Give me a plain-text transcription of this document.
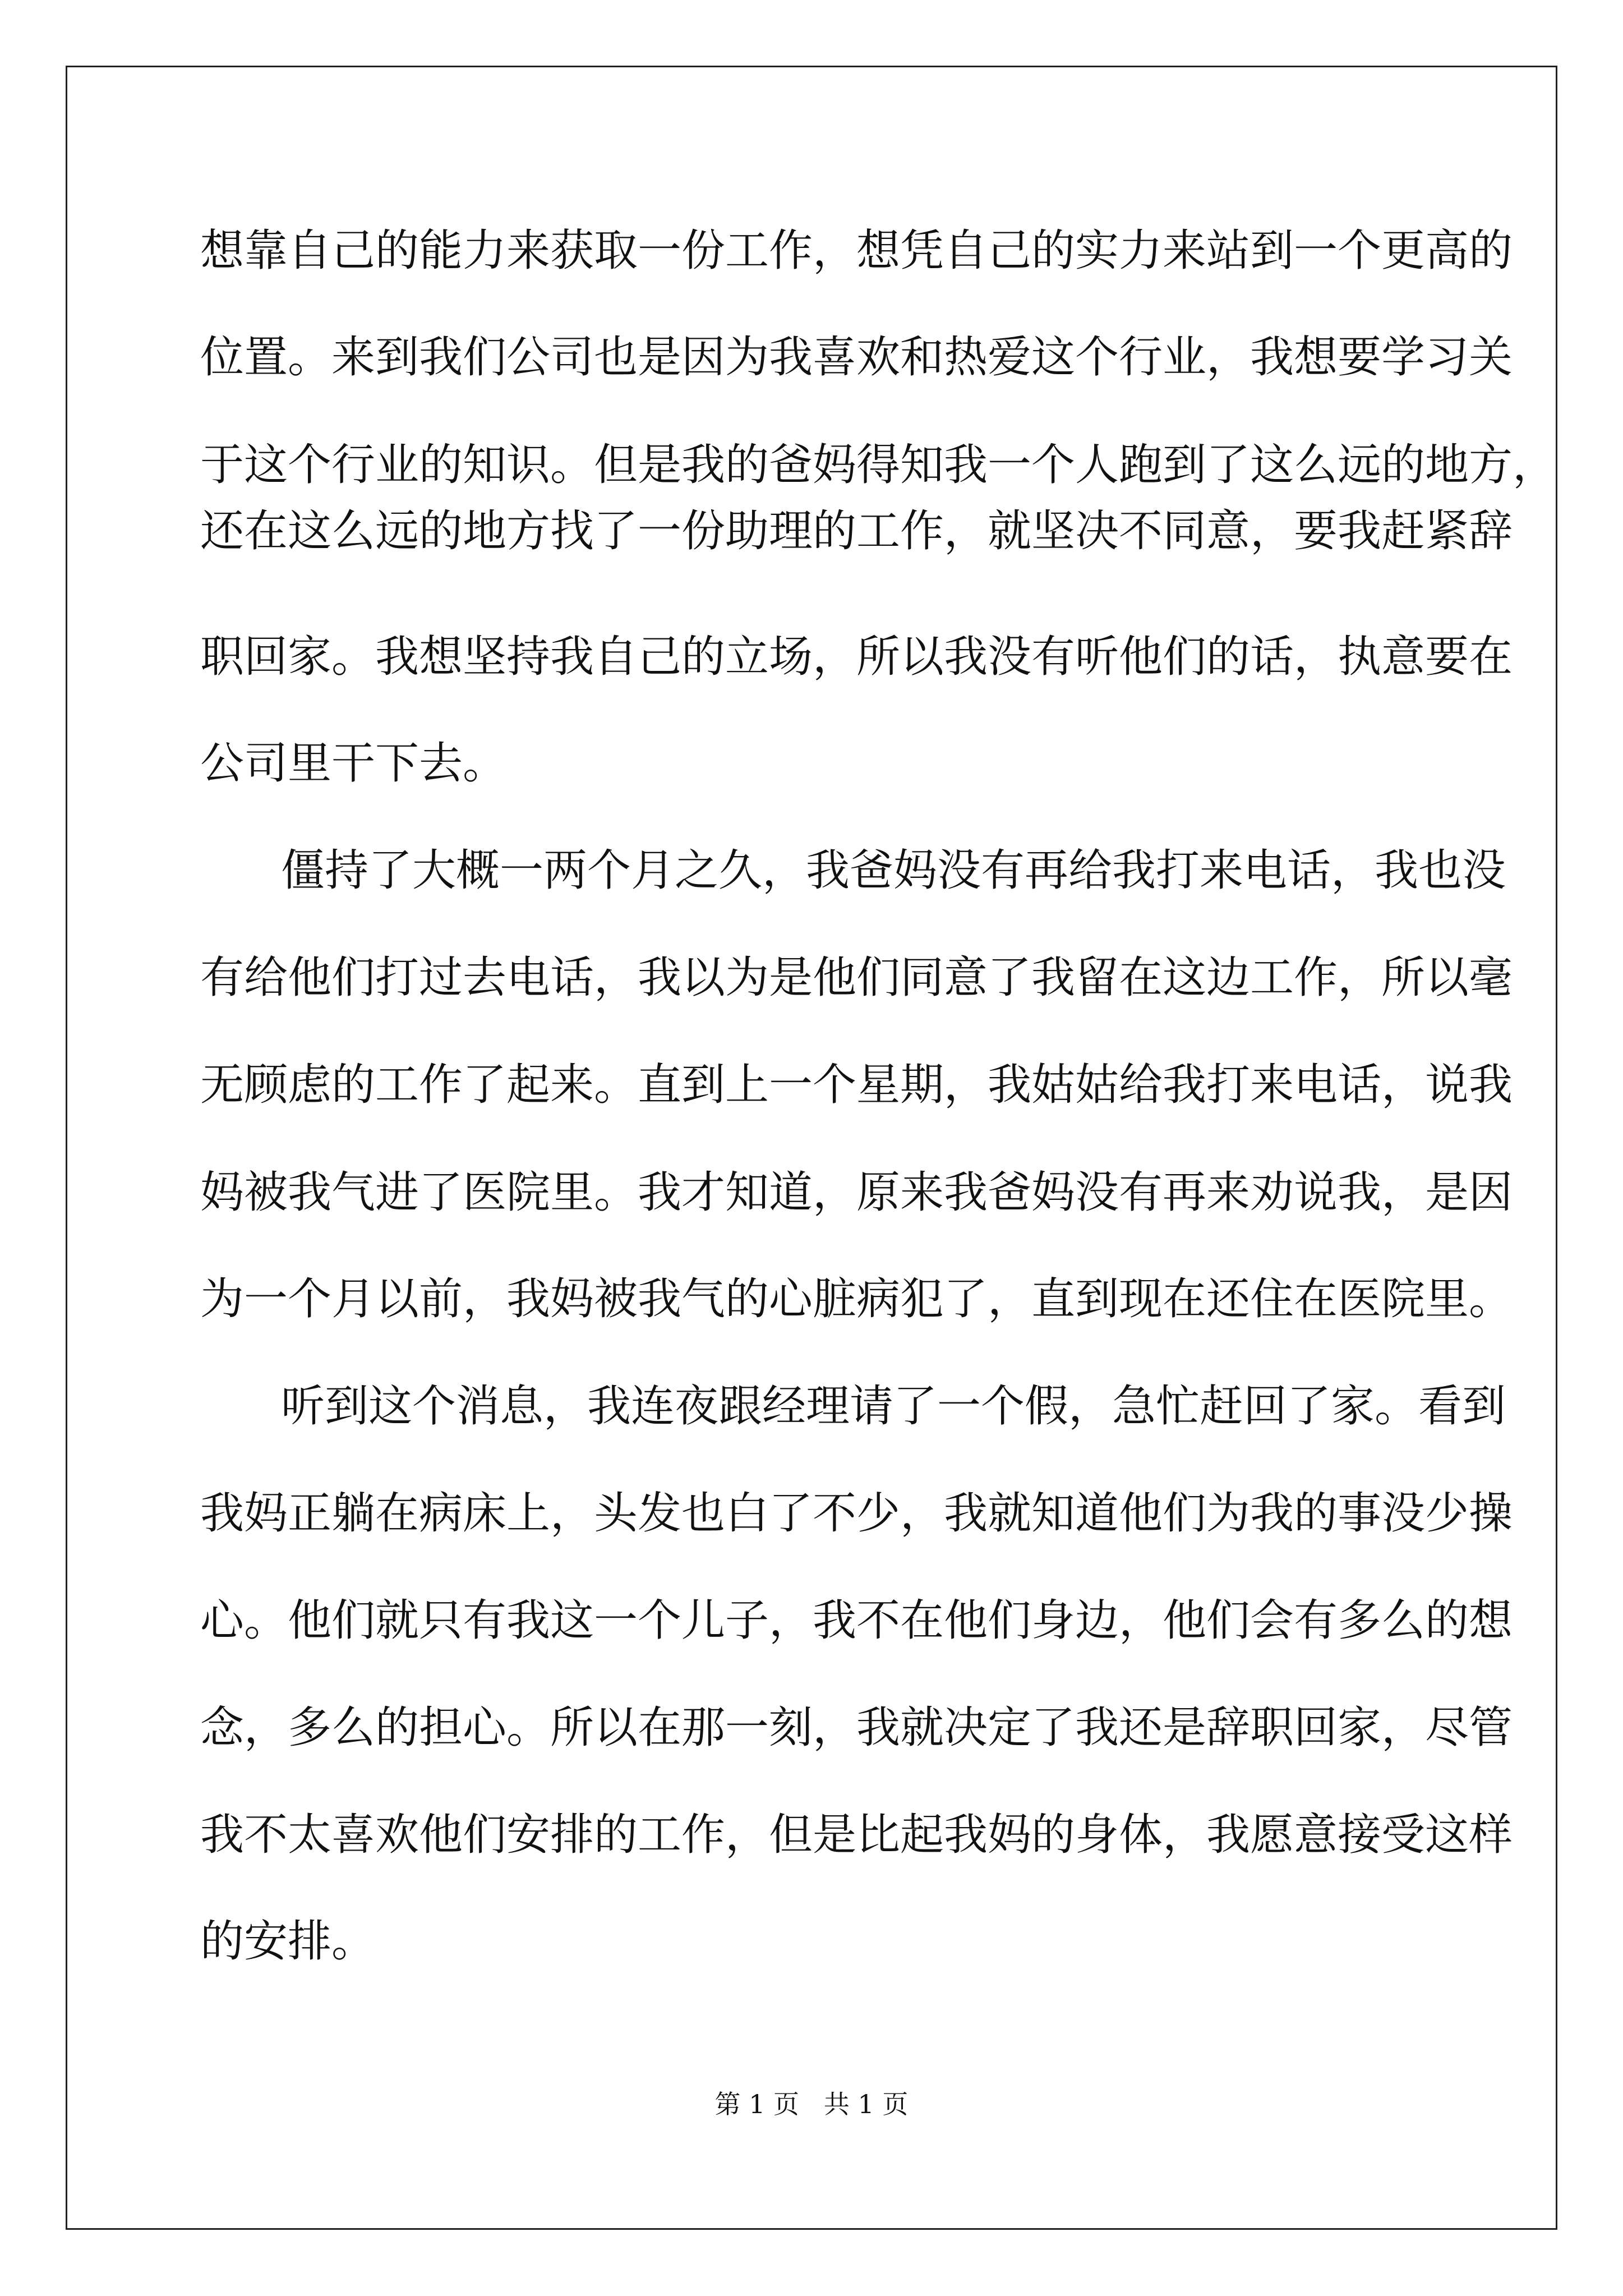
想靠自己的能力来获取一份工作，想凭自己的实力来站到一个更高的

位置。来到我们公司也是因为我喜欢和热爱这个行业，我想要学习关

于这个行业的知识。但是我的爸妈得知我一个人跑到了这么远的地方，

还在这么远的地方找了一份助理的工作，就坚决不同意，要我赶紧辞

职回家。我想坚持我自己的立场，所以我没有听他们的话，执意要在

公司里干下去。

僵持了大概一两个月之久，我爸妈没有再给我打来电话，我也没

有给他们打过去电话，我以为是他们同意了我留在这边工作，所以毫

无顾虑的工作了起来。直到上一个星期，我姑姑给我打来电话，说我

妈被我气进了医院里。我才知道，原来我爸妈没有再来劝说我，是因

为一个月以前，我妈被我气的心脏病犯了，直到现在还住在医院里。

听到这个消息，我连夜跟经理请了一个假，急忙赶回了家。看到

我妈正躺在病床上，头发也白了不少，我就知道他们为我的事没少操

心。他们就只有我这一个儿子，我不在他们身边，他们会有多么的想

念，多么的担心。所以在那一刻，我就决定了我还是辞职回家，尽管

我不太喜欢他们安排的工作，但是比起我妈的身体，我愿意接受这样

的安排。

第 1 页   共 1 页
